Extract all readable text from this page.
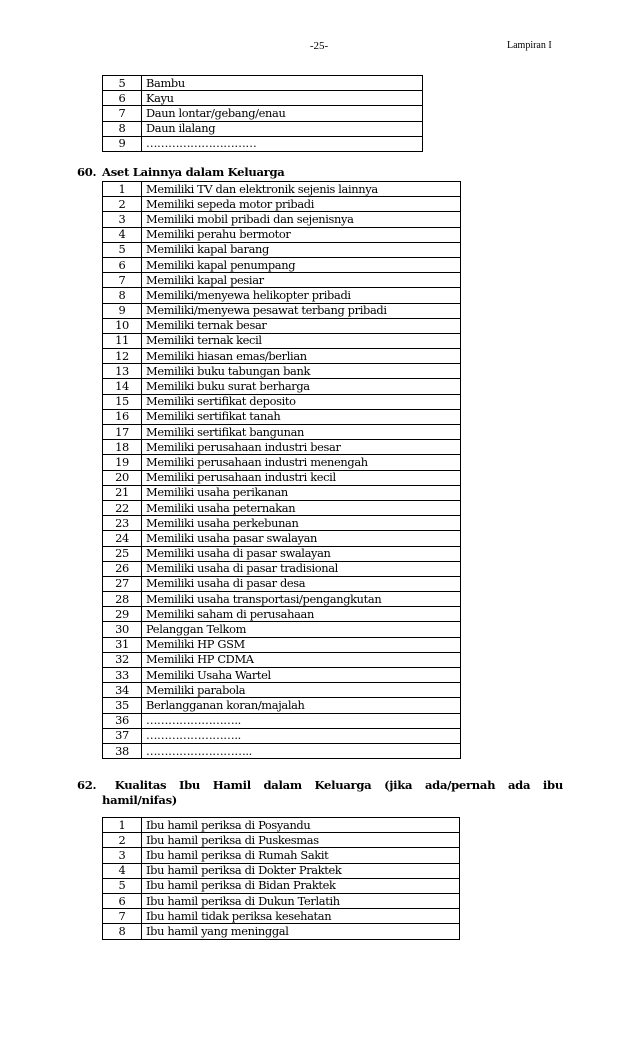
-25-	Lampiran I
5	Bambu
6	Kayu
7	Daun lontar/gebang/enau
8	Daun ilalang
9	…………………………
60. Aset Lainnya dalam Keluarga
1	Memiliki TV dan elektronik sejenis lainnya
2	Memiliki sepeda motor pribadi
3	Memiliki mobil pribadi dan sejenisnya
4	Memiliki perahu bermotor
5	Memiliki kapal barang
6	Memiliki kapal penumpang
7	Memiliki kapal pesiar
8	Memiliki/menyewa helikopter pribadi
9	Memiliki/menyewa pesawat terbang pribadi
10	Memiliki ternak besar
11	Memiliki ternak kecil
12	Memiliki hiasan emas/berlian
13	Memiliki buku tabungan bank
14	Memiliki buku surat berharga
15	Memiliki sertifikat deposito
16	Memiliki sertifikat tanah
17	Memiliki sertifikat bangunan
18	Memiliki perusahaan industri besar
19	Memiliki perusahaan industri menengah
20	Memiliki perusahaan industri kecil
21	Memiliki usaha perikanan
22	Memiliki usaha peternakan
23	Memiliki usaha perkebunan
24	Memiliki usaha pasar swalayan
25	Memiliki usaha di pasar swalayan
26	Memiliki usaha di pasar tradisional
27	Memiliki usaha di pasar desa
28	Memiliki usaha transportasi/pengangkutan
29	Memiliki saham di perusahaan
30	Pelanggan Telkom
31	Memiliki HP GSM
32	Memiliki HP CDMA
33	Memiliki Usaha Wartel
34	Memiliki parabola
35	Berlangganan koran/majalah
36	……………………..
37	……………………..
38	………………………..
62.	Kualitas Ibu Hamil dalam Keluarga (jika ada/pernah ada ibu
hamil/nifas)
1	Ibu hamil periksa di Posyandu
2	Ibu hamil periksa di Puskesmas
3	Ibu hamil periksa di Rumah Sakit
4	Ibu hamil periksa di Dokter Praktek
5	Ibu hamil periksa di Bidan Praktek
6	Ibu hamil periksa di Dukun Terlatih
7	Ibu hamil tidak periksa kesehatan
8	Ibu hamil yang meninggal
